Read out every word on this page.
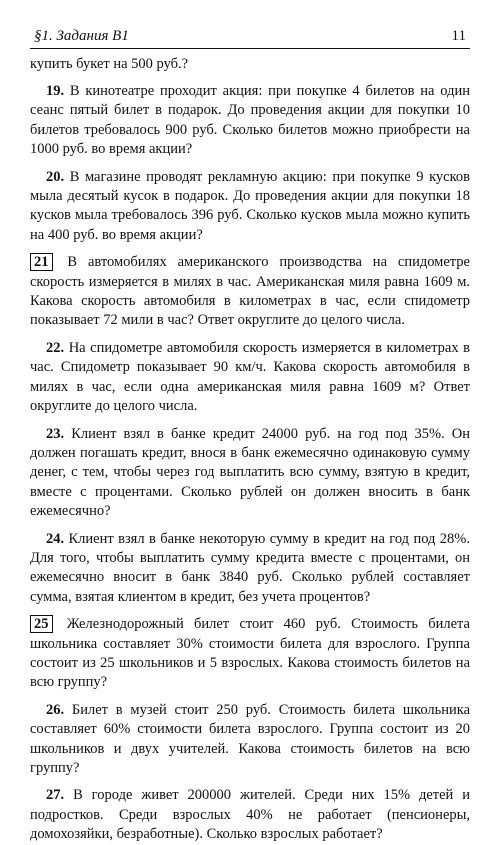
§1. Задания B1	11
купить букет на 500 руб.?
19. В кинотеатре проходит акция: при покупке 4 билетов на один сеанс пятый билет в подарок. До проведения акции для покупки 10 билетов требовалось 900 руб. Сколько билетов можно приобрести на 1000 руб. во время акции?
20. В магазине проводят рекламную акцию: при покупке 9 кусков мыла десятый кусок в подарок. До проведения акции для покупки 18 кусков мыла требовалось 396 руб. Сколько кусков мыла можно купить на 400 руб. во время акции?
21 В автомобилях американского производства на спидометре скорость измеряется в милях в час. Американская миля равна 1609 м. Какова скорость автомобиля в километрах в час, если спидометр показывает 72 мили в час? Ответ округлите до целого числа.
22. На спидометре автомобиля скорость измеряется в километрах в час. Спидометр показывает 90 км/ч. Какова скорость автомобиля в милях в час, если одна американская миля равна 1609 м? Ответ округлите до целого числа.
23. Клиент взял в банке кредит 24000 руб. на год под 35%. Он должен погашать кредит, внося в банк ежемесячно одинаковую сумму денег, с тем, чтобы через год выплатить всю сумму, взятую в кредит, вместе с процентами. Сколько рублей он должен вносить в банк ежемесячно?
24. Клиент взял в банке некоторую сумму в кредит на год под 28%. Для того, чтобы выплатить сумму кредита вместе с процентами, он ежемесячно вносит в банк 3840 руб. Сколько рублей составляет сумма, взятая клиентом в кредит, без учета процентов?
25 Железнодорожный билет стоит 460 руб. Стоимость билета школьника составляет 30% стоимости билета для взрослого. Группа состоит из 25 школьников и 5 взрослых. Какова стоимость билетов на всю группу?
26. Билет в музей стоит 250 руб. Стоимость билета школьника составляет 60% стоимости билета взрослого. Группа состоит из 20 школьников и двух учителей. Какова стоимость билетов на всю группу?
27. В городе живет 200000 жителей. Среди них 15% детей и подростков. Среди взрослых 40% не работает (пенсионеры, домохозяйки, безработные). Сколько взрослых работает?
